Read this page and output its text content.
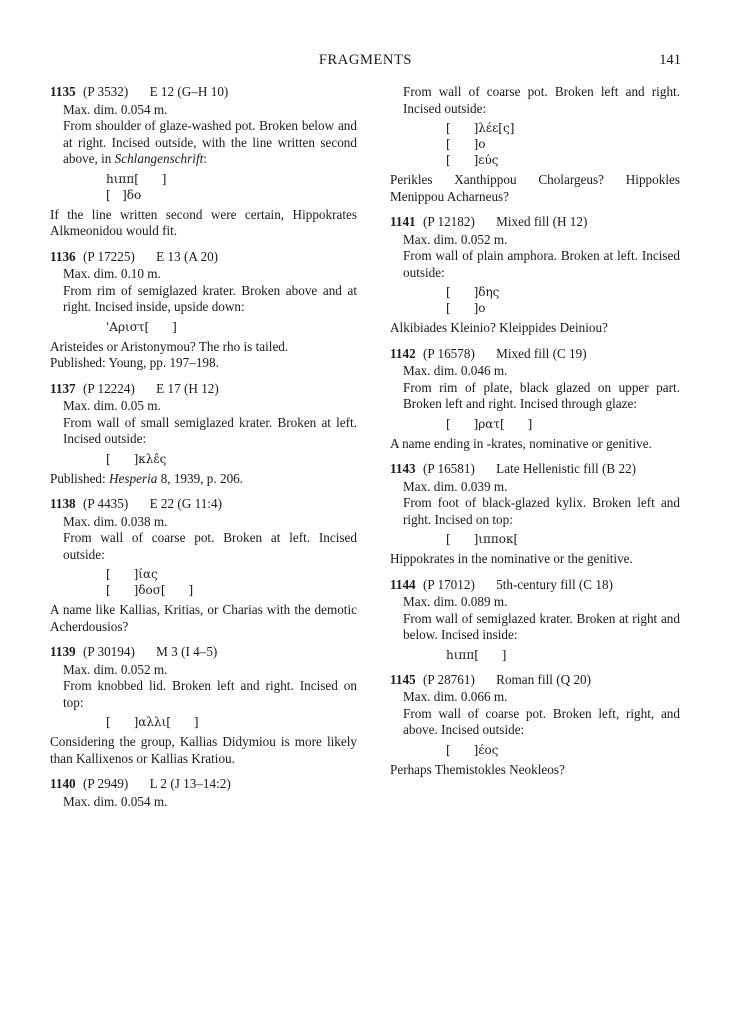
FRAGMENTS	141
1135 (P 3532) E 12 (G–H 10)

Max. dim. 0.054 m.

From shoulder of glaze-washed pot. Broken below and at right. Incised outside, with the line written second above, in Schlangenschrift:

hιππ[      ]
[   ]δο

If the line written second were certain, Hippokrates Alkmeonidou would fit.

1136 (P 17225) E 13 (A 20)

Max. dim. 0.10 m.

From rim of semiglazed krater. Broken above and at right. Incised inside, upside down:

'Αριστ[      ]

Aristeides or Aristonymou? The rho is tailed.

Published: Young, pp. 197–198.

1137 (P 12224) E 17 (H 12)

Max. dim. 0.05 m.

From wall of small semiglazed krater. Broken at left. Incised outside:

[      ]κλε̂ς

Published: Hesperia 8, 1939, p. 206.

1138 (P 4435) E 22 (G 11:4)

Max. dim. 0.038 m.

From wall of coarse pot. Broken at left. Incised outside:

[      ]ίας
[      ]δοσ[      ]

A name like Kallias, Kritias, or Charias with the demotic Acherdousios?

1139 (P 30194) M 3 (I 4–5)

Max. dim. 0.052 m.

From knobbed lid. Broken left and right. Incised on top:

[      ]αλλι[      ]

Considering the group, Kallias Didymiou is more likely than Kallixenos or Kallias Kratiou.

1140 (P 2949) L 2 (J 13–14:2)

Max. dim. 0.054 m.

From wall of coarse pot. Broken left and right. Incised outside:

[      ]λέε[ς]
[      ]ο
[      ]εύς

Perikles Xanthippou Cholargeus? Hippokles Menippou Acharneus?

1141 (P 12182) Mixed fill (H 12)

Max. dim. 0.052 m.

From wall of plain amphora. Broken at left. Incised outside:

[      ]δης
[      ]ο

Alkibiades Kleinio? Kleippides Deiniou?

1142 (P 16578) Mixed fill (C 19)

Max. dim. 0.046 m.

From rim of plate, black glazed on upper part. Broken left and right. Incised through glaze:

[      ]ρατ[      ]

A name ending in -krates, nominative or genitive.

1143 (P 16581) Late Hellenistic fill (B 22)

Max. dim. 0.039 m.

From foot of black-glazed kylix. Broken left and right. Incised on top:

[      ]ιπποκ[

Hippokrates in the nominative or the genitive.

1144 (P 17012) 5th-century fill (C 18)

Max. dim. 0.089 m.

From wall of semiglazed krater. Broken at right and below. Incised inside:

hιππ[      ]
1145 (P 28761) Roman fill (Q 20)

Max. dim. 0.066 m.

From wall of coarse pot. Broken left, right, and above. Incised outside:

[      ]έος

Perhaps Themistokles Neokleos?
